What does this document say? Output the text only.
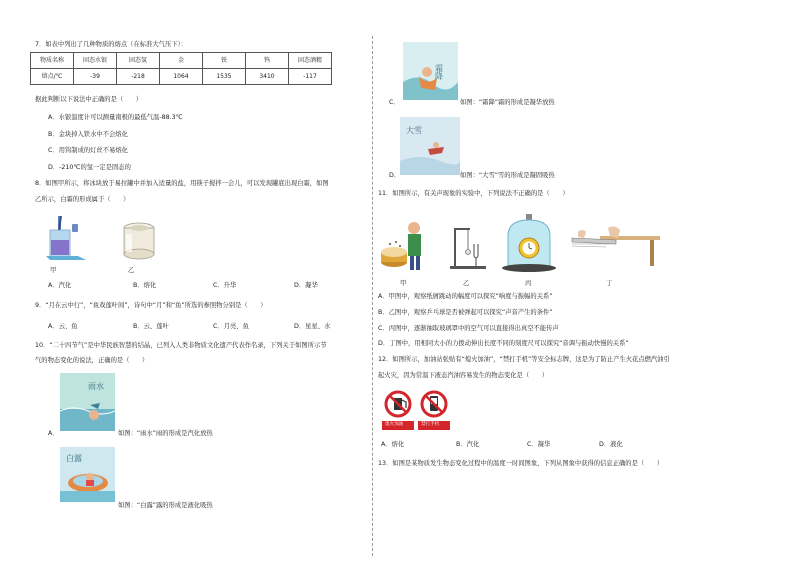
7．如表中列出了几种物质的熔点（在标准大气压下）：
物质名称	固态水银	固态氢	金	铁	钨	固态酒精
熔点/℃	-39	-218	1064	1535	3410	-117
据此判断以下说法中正确的是（　　）
A．水银温度计可以测量南极的最低气温-88.3℃
B．金块掉入铁水中不会熔化
C．用钨制成的灯丝不易熔化
D．-210℃的氢一定是固态的
8．如图甲所示，将冰块放于易拉罐中并加入适量的盐，用筷子搅拌一会儿，可以发现罐底出现白霜，如图
乙所示，白霜的形成属于（　　）
甲	乙
A．汽化	B．熔化	C．升华	D．凝华
9．“月在云中行”，“鱼戏莲叶间”，诗句中“月”和“鱼”所选的参照物分别是（　　）
A．云、鱼	B．云、莲叶	C．月亮、鱼	D．星星、水
10．“二十四节气”是中华民族智慧的结晶，已列入人类非物质文化遗产代表作名录，下列关于如图所示节
气的物态变化的说法，正确的是（　　）
雨水
A．	如图：“雨水”雨的形成是汽化放热
白露
如图：“白露”露的形成是液化吸热
霜降
C．	如图：“霜降”霜的形成是凝华放热
大雪
D．	如图：“大雪”雪的形成是凝固吸热
11．如图所示，有关声现象的实验中，下列说法不正确的是（　　）
甲	乙	丙	丁
A．甲图中，观察纸屑跳动的幅度可以探究“响度与振幅的关系”
B．乙图中，观察乒乓球是否被弹起可以探究“声音产生的条件”
C．丙图中，逐渐抽取玻璃罩中的空气可以直接得出真空不能传声
D．丁图中，用相同大小的力拨动伸出长度不同的刻度尺可以探究“音调与振动快慢的关系”
12．如图所示，加油站张贴有“熄火加油”，“禁打手机”等安全标志牌，这是为了防止产生火花点燃汽油引
起火灾，因为常温下液态汽油容易发生的物态变化是（　　）
熄火加油	禁打手机
A．熔化	B．汽化	C．凝华	D．液化
13．如图是某物质发生物态变化过程中的温度一时间图象，下列从图象中获得的信息正确的是（　　）
